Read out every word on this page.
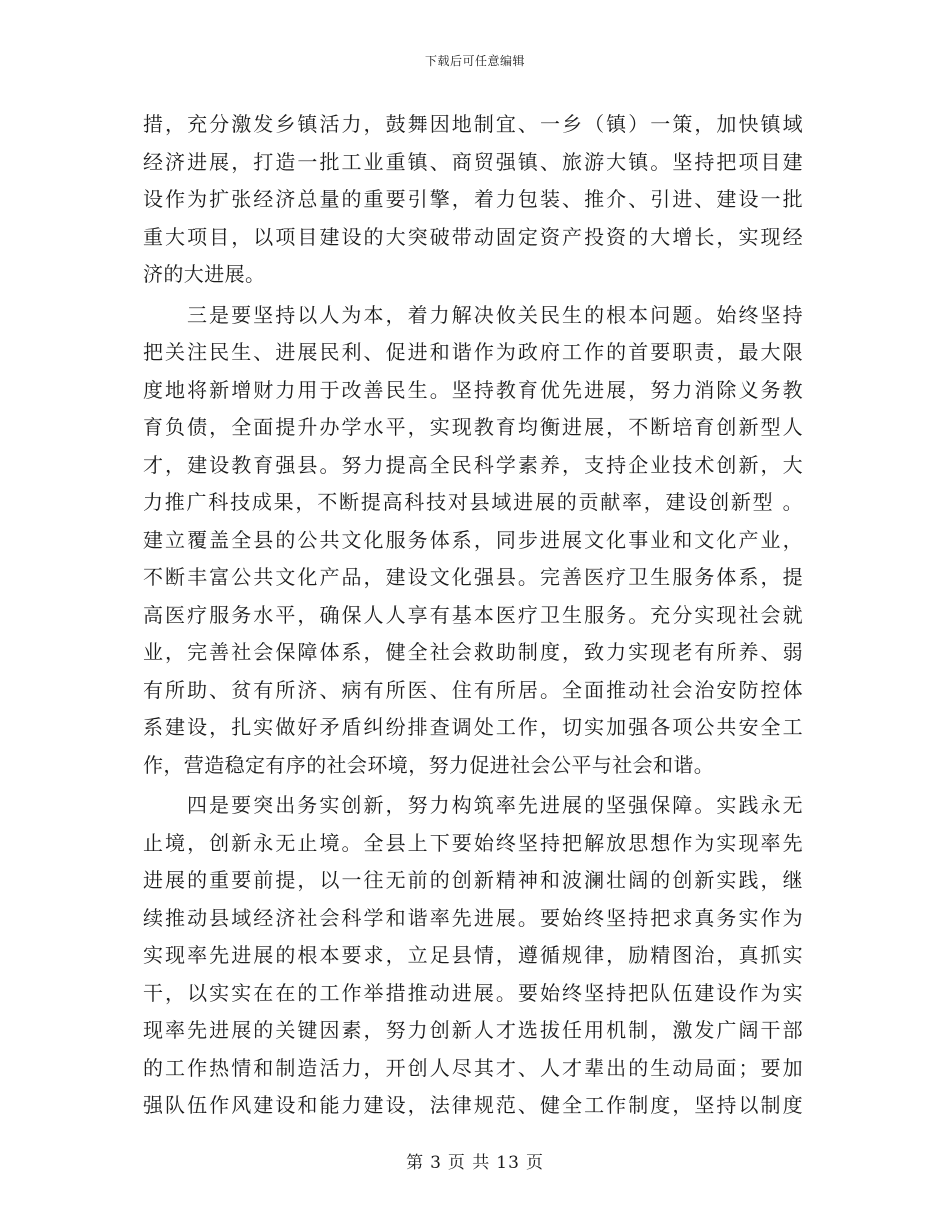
下载后可任意编辑
措，充分激发乡镇活力，鼓舞因地制宜、一乡（镇）一策，加快镇域
经济进展，打造一批工业重镇、商贸强镇、旅游大镇。坚持把项目建
设作为扩张经济总量的重要引擎，着力包装、推介、引进、建设一批
重大项目，以项目建设的大突破带动固定资产投资的大增长，实现经
济的大进展。
三是要坚持以人为本，着力解决攸关民生的根本问题。始终坚持
把关注民生、进展民利、促进和谐作为政府工作的首要职责，最大限
度地将新增财力用于改善民生。坚持教育优先进展，努力消除义务教
育负债，全面提升办学水平，实现教育均衡进展，不断培育创新型人
才，建设教育强县。努力提高全民科学素养，支持企业技术创新，大
力推广科技成果，不断提高科技对县域进展的贡献率，建设创新型 。
建立覆盖全县的公共文化服务体系，同步进展文化事业和文化产业，
不断丰富公共文化产品，建设文化强县。完善医疗卫生服务体系，提
高医疗服务水平，确保人人享有基本医疗卫生服务。充分实现社会就
业，完善社会保障体系，健全社会救助制度，致力实现老有所养、弱
有所助、贫有所济、病有所医、住有所居。全面推动社会治安防控体
系建设，扎实做好矛盾纠纷排查调处工作，切实加强各项公共安全工
作，营造稳定有序的社会环境，努力促进社会公平与社会和谐。
四是要突出务实创新，努力构筑率先进展的坚强保障。实践永无
止境，创新永无止境。全县上下要始终坚持把解放思想作为实现率先
进展的重要前提，以一往无前的创新精神和波澜壮阔的创新实践，继
续推动县域经济社会科学和谐率先进展。要始终坚持把求真务实作为
实现率先进展的根本要求，立足县情，遵循规律，励精图治，真抓实
干，以实实在在的工作举措推动进展。要始终坚持把队伍建设作为实
现率先进展的关键因素，努力创新人才选拔任用机制，激发广阔干部
的工作热情和制造活力，开创人尽其才、人才辈出的生动局面；要加
强队伍作风建设和能力建设，法律规范、健全工作制度，坚持以制度
第 3 页 共 13 页
